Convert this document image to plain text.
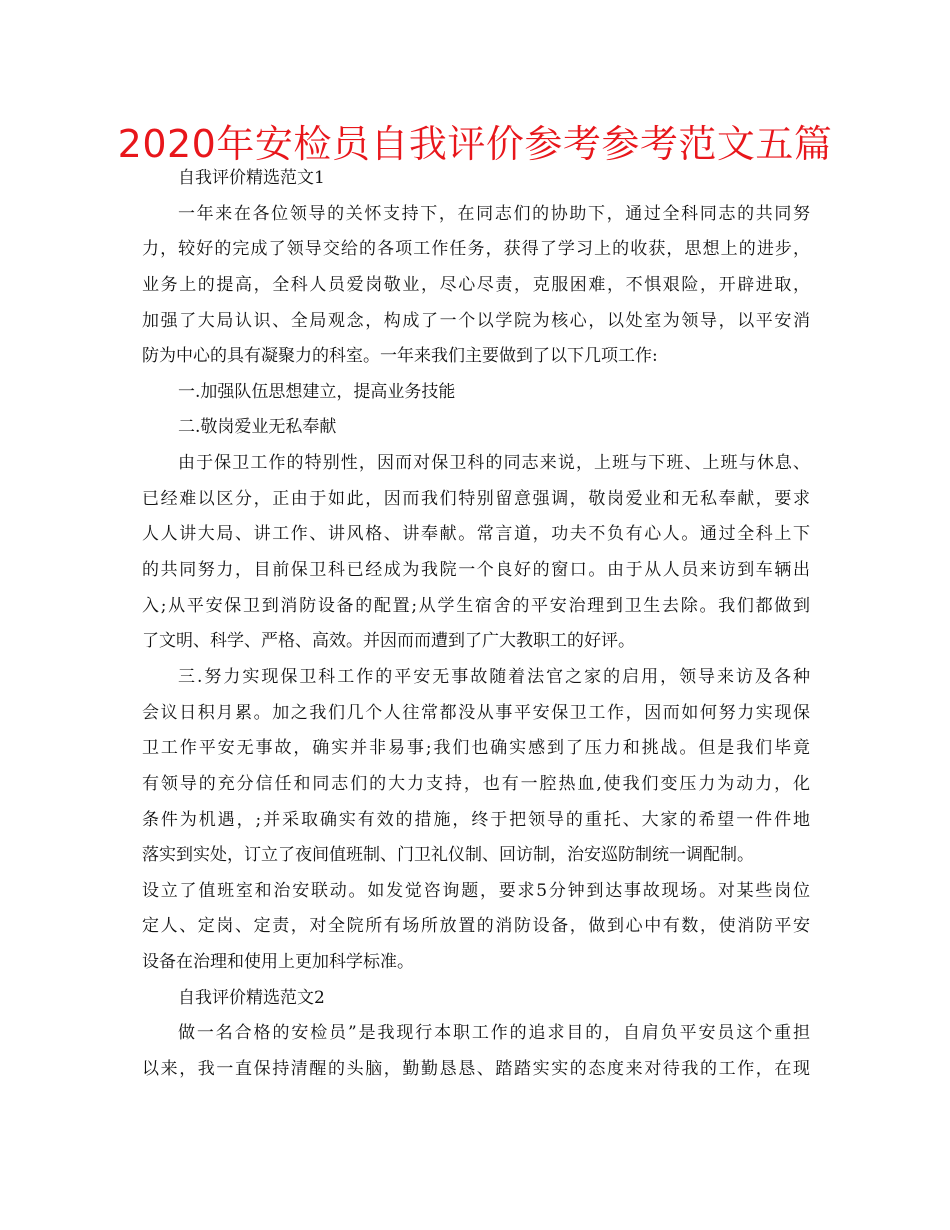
2020年安检员自我评价参考参考范文五篇
自我评价精选范文1
一年来在各位领导的关怀支持下，在同志们的协助下，通过全科同志的共同努
力，较好的完成了领导交给的各项工作任务，获得了学习上的收获，思想上的进步，
业务上的提高，全科人员爱岗敬业，尽心尽责，克服困难，不惧艰险，开辟进取，
加强了大局认识、全局观念，构成了一个以学院为核心，以处室为领导，以平安消
防为中心的具有凝聚力的科室。一年来我们主要做到了以下几项工作:
一.加强队伍思想建立，提高业务技能
二.敬岗爱业无私奉献
由于保卫工作的特别性，因而对保卫科的同志来说，上班与下班、上班与休息、
已经难以区分，正由于如此，因而我们特别留意强调，敬岗爱业和无私奉献，要求
人人讲大局、讲工作、讲风格、讲奉献。常言道，功夫不负有心人。通过全科上下
的共同努力，目前保卫科已经成为我院一个良好的窗口。由于从人员来访到车辆出
入;从平安保卫到消防设备的配置;从学生宿舍的平安治理到卫生去除。我们都做到
了文明、科学、严格、高效。并因而而遭到了广大教职工的好评。
三.努力实现保卫科工作的平安无事故随着法官之家的启用，领导来访及各种
会议日积月累。加之我们几个人往常都没从事平安保卫工作，因而如何努力实现保
卫工作平安无事故，确实并非易事;我们也确实感到了压力和挑战。但是我们毕竟
有领导的充分信任和同志们的大力支持，也有一腔热血,使我们变压力为动力，化
条件为机遇，;并采取确实有效的措施，终于把领导的重托、大家的希望一件件地
落实到实处，订立了夜间值班制、门卫礼仪制、回访制，治安巡防制统一调配制。
设立了值班室和治安联动。如发觉咨询题，要求5分钟到达事故现场。对某些岗位
定人、定岗、定责，对全院所有场所放置的消防设备，做到心中有数，使消防平安
设备在治理和使用上更加科学标准。
自我评价精选范文2
做一名合格的安检员”是我现行本职工作的追求目的，自肩负平安员这个重担
以来，我一直保持清醒的头脑，勤勤恳恳、踏踏实实的态度来对待我的工作，在现
